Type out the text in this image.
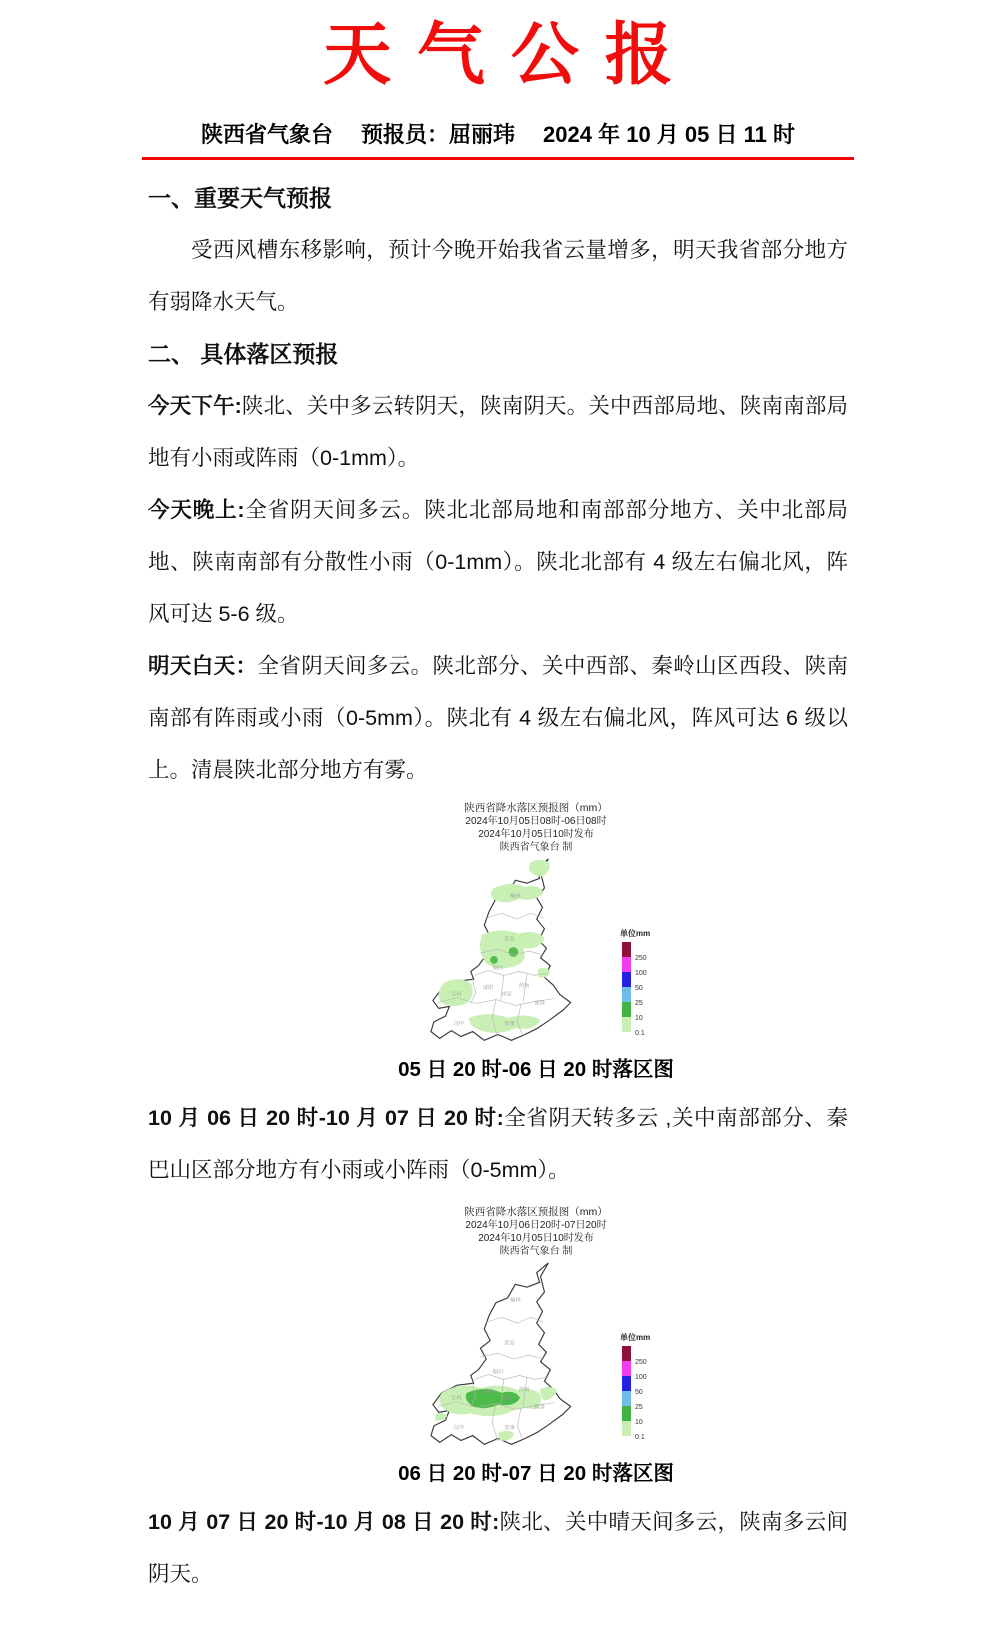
天气公报
陕西省气象台 预报员：屈丽玮 2024 年 10 月 05 日 11 时
一、重要天气预报

受西风槽东移影响，预计今晚开始我省云量增多，明天我省部分地方有弱降水天气。

二、 具体落区预报

今天下午:陕北、关中多云转阴天，陕南阴天。关中西部局地、陕南南部局地有小雨或阵雨（0-1mm）。

今天晚上:全省阴天间多云。陕北北部局地和南部部分地方、关中北部局地、陕南南部有分散性小雨（0-1mm）。陕北北部有 4 级左右偏北风，阵风可达 5-6 级。

明天白天：全省阴天间多云。陕北部分、关中西部、秦岭山区西段、陕南南部有阵雨或小雨（0-5mm）。陕北有 4 级左右偏北风，阵风可达 6 级以上。清晨陕北部分地方有雾。

陕西省降水落区预报图（mm）
2024年10月05日08时-06日08时
2024年10月05日10时发布
陕西省气象台 制
榆林
延安
铜川
咸阳	渭南
西安
宝鸡
汉中	安康
商洛
单位mm
250
100
50
25
10
0.1
05 日 20 时-06 日 20 时落区图

10 月 06 日 20 时-10 月 07 日 20 时:全省阴天转多云 ,关中南部部分、秦巴山区部分地方有小雨或小阵雨（0-5mm）。

陕西省降水落区预报图（mm）
2024年10月06日20时-07日20时
2024年10月05日10时发布
陕西省气象台 制
榆林
延安
铜川
咸阳	渭南
西安
宝鸡
汉中	安康
商洛
单位mm
250
100
50
25
10
0.1
06 日 20 时-07 日 20 时落区图

10 月 07 日 20 时-10 月 08 日 20 时:陕北、关中晴天间多云，陕南多云间阴天。
